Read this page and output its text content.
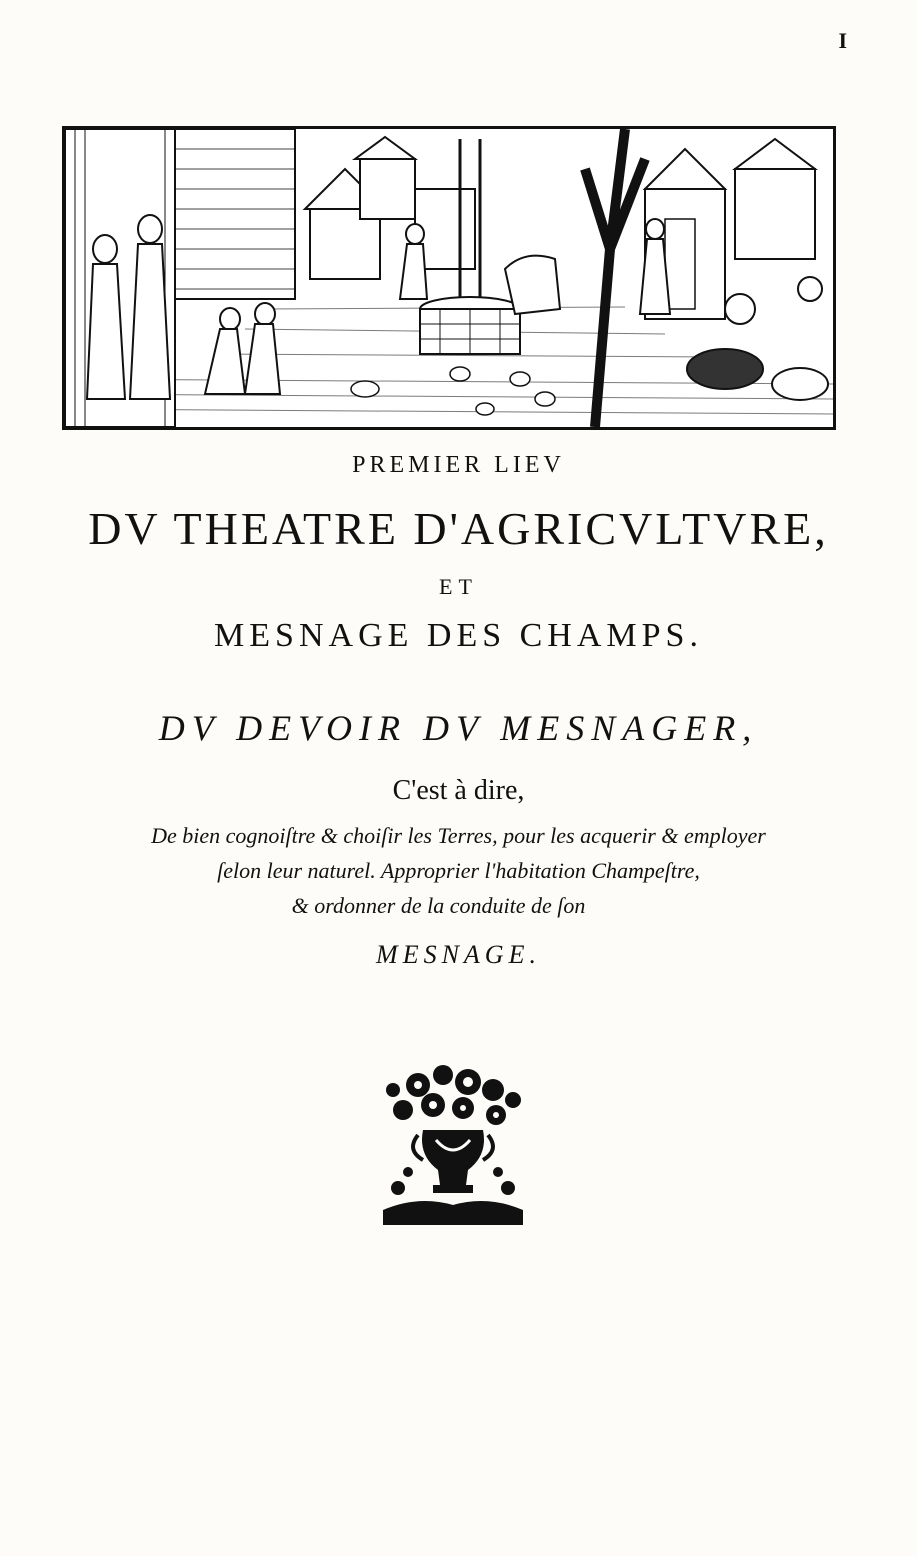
I
PREMIER LIEV
DV THEATRE D'AGRICVLTVRE,
ET
MESNAGE DES CHAMPS.
DV DEVOIR DV MESNAGER,
C'est à dire,
De bien cognoiſtre & choiſir les Terres, pour les acquerir & employer
ſelon leur naturel. Approprier l'habitation Champeſtre,
& ordonner de la conduite de ſon
MESNAGE.
